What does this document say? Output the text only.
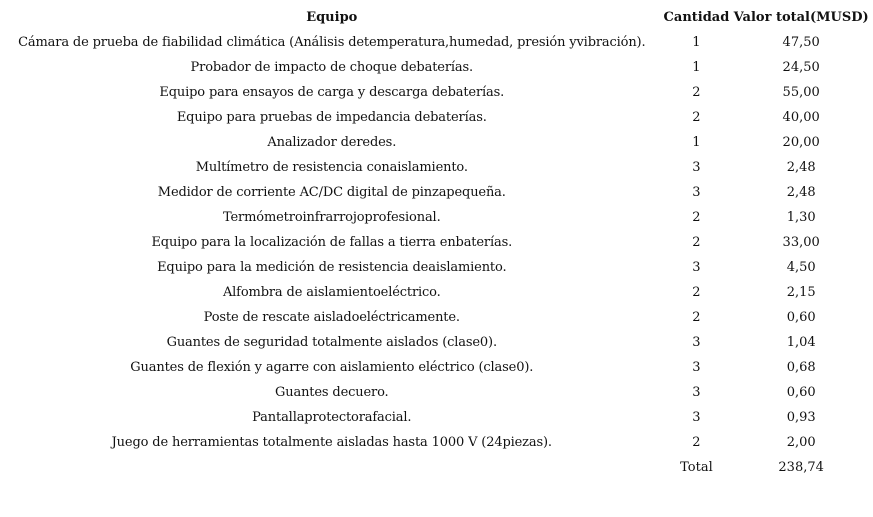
Equipo	Cantidad	Valor total(MUSD)
Cámara de prueba de fiabilidad climática (Análisis detemperatura,humedad, presión yvibración).	1	47,50
Probador de impacto de choque debaterías.	1	24,50
Equipo para ensayos de carga y descarga debaterías.	2	55,00
Equipo para pruebas de impedancia debaterías.	2	40,00
Analizador deredes.	1	20,00
Multímetro de resistencia conaislamiento.	3	2,48
Medidor de corriente AC/DC digital de pinzapequeña.	3	2,48
Termómetroinfrarrojoprofesional.	2	1,30
Equipo para la localización de fallas a tierra enbaterías.	2	33,00
Equipo para la medición de resistencia deaislamiento.	3	4,50
Alfombra de aislamientoeléctrico.	2	2,15
Poste de rescate aisladoeléctricamente.	2	0,60
Guantes de seguridad totalmente aislados (clase0).	3	1,04
Guantes de flexión y agarre con aislamiento eléctrico (clase0).	3	0,68
Guantes decuero.	3	0,60
Pantallaprotectorafacial.	3	0,93
Juego de herramientas totalmente aisladas hasta 1000 V (24piezas).	2	2,00
	Total	238,74
